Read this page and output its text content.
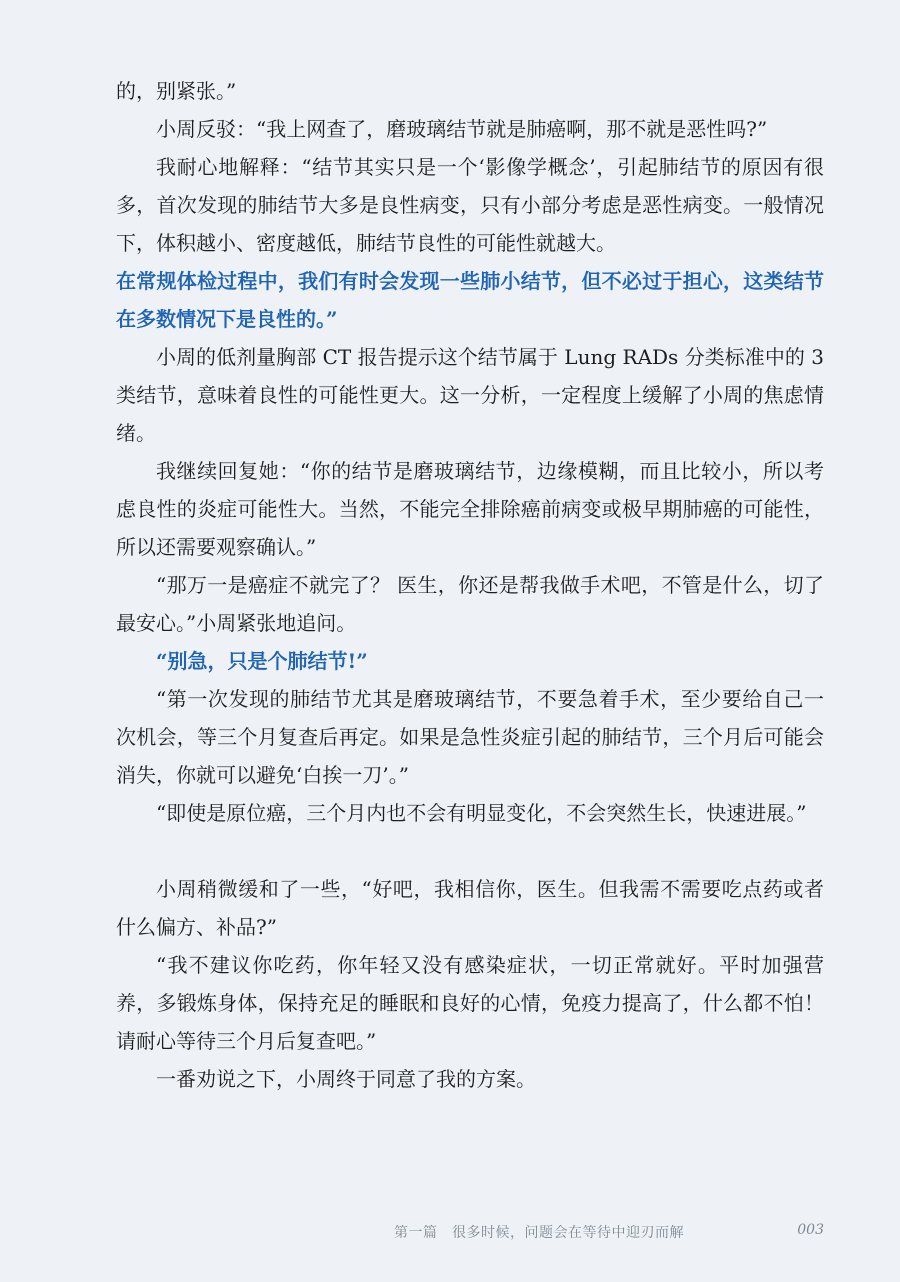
的，别紧张。”

小周反驳：“我上网查了，磨玻璃结节就是肺癌啊，那不就是恶性吗?”

我耐心地解释：“结节其实只是一个‘影像学概念’，引起肺结节的原因有很多，首次发现的肺结节大多是良性病变，只有小部分考虑是恶性病变。一般情况下，体积越小、密度越低，肺结节良性的可能性就越大。

在常规体检过程中，我们有时会发现一些肺小结节，但不必过于担心，这类结节在多数情况下是良性的。”

小周的低剂量胸部 CT 报告提示这个结节属于 Lung RADs 分类标准中的 3 类结节，意味着良性的可能性更大。这一分析，一定程度上缓解了小周的焦虑情绪。

我继续回复她：“你的结节是磨玻璃结节，边缘模糊，而且比较小，所以考虑良性的炎症可能性大。当然，不能完全排除癌前病变或极早期肺癌的可能性，所以还需要观察确认。”

“那万一是癌症不就完了？ 医生，你还是帮我做手术吧，不管是什么，切了最安心。”小周紧张地追问。

“别急，只是个肺结节!”

“第一次发现的肺结节尤其是磨玻璃结节，不要急着手术，至少要给自己一次机会，等三个月复查后再定。如果是急性炎症引起的肺结节，三个月后可能会消失，你就可以避免‘白挨一刀’。”

“即使是原位癌，三个月内也不会有明显变化，不会突然生长，快速进展。”

小周稍微缓和了一些，“好吧，我相信你，医生。但我需不需要吃点药或者什么偏方、补品?”

“我不建议你吃药，你年轻又没有感染症状，一切正常就好。平时加强营养，多锻炼身体，保持充足的睡眠和良好的心情，免疫力提高了，什么都不怕！请耐心等待三个月后复查吧。”

一番劝说之下，小周终于同意了我的方案。

第一篇　很多时候，问题会在等待中迎刃而解	003
